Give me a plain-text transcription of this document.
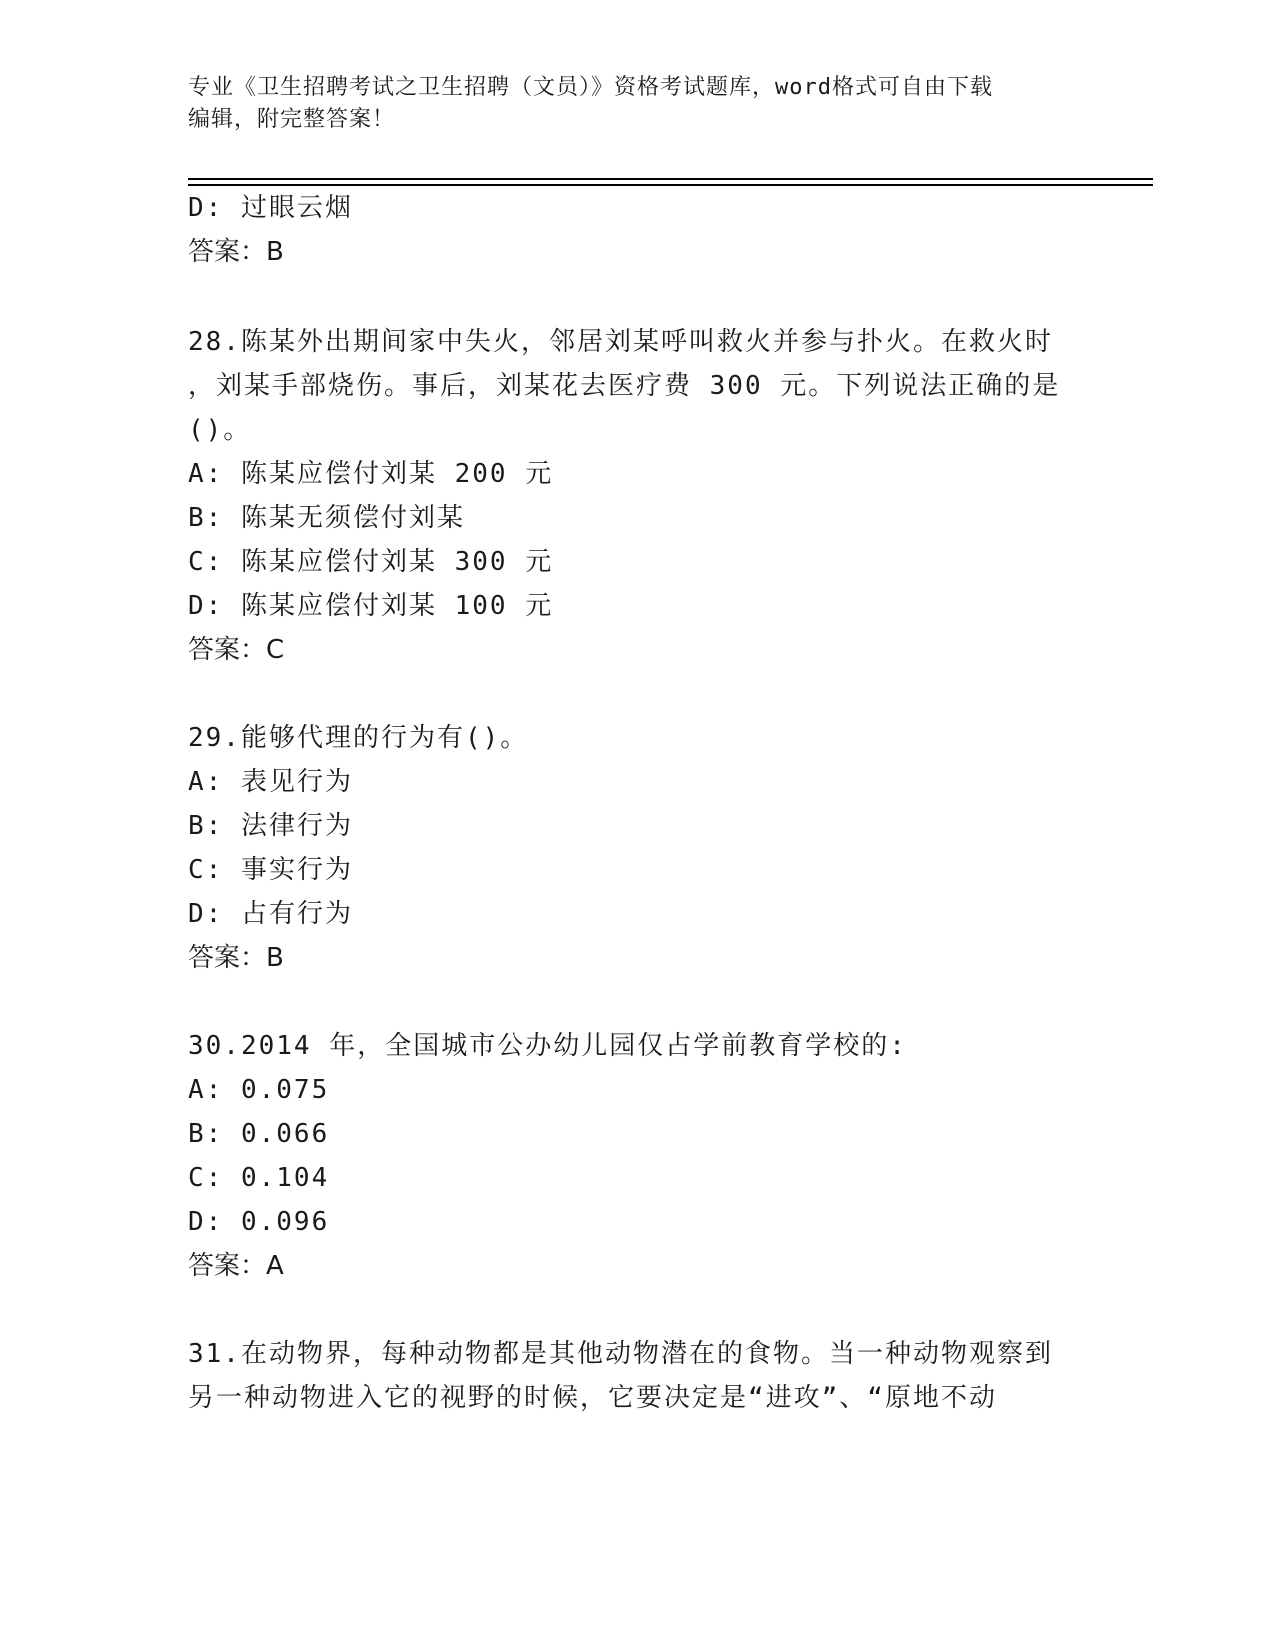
专业《卫生招聘考试之卫生招聘（文员）》资格考试题库，word格式可自由下载
编辑，附完整答案！
D: 过眼云烟
答案：B
28.陈某外出期间家中失火，邻居刘某呼叫救火并参与扑火。在救火时
，刘某手部烧伤。事后，刘某花去医疗费 300 元。下列说法正确的是
()。
A: 陈某应偿付刘某 200 元
B: 陈某无须偿付刘某
C: 陈某应偿付刘某 300 元
D: 陈某应偿付刘某 100 元
答案：C
29.能够代理的行为有()。
A: 表见行为
B: 法律行为
C: 事实行为
D: 占有行为
答案：B
30.2014 年，全国城市公办幼儿园仅占学前教育学校的:
A: 0.075
B: 0.066
C: 0.104
D: 0.096
答案：A
31.在动物界，每种动物都是其他动物潜在的食物。当一种动物观察到
另一种动物进入它的视野的时候，它要决定是“进攻”、“原地不动
